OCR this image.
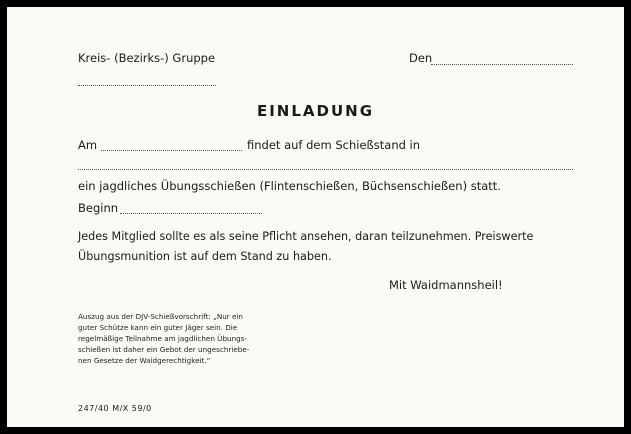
Kreis- (Bezirks-) Gruppe	Den
EINLADUNG
Am	findet auf dem Schießstand in
ein jagdliches Übungsschießen (Flintenschießen, Büchsenschießen) statt.
Beginn
Jedes Mitglied sollte es als seine Pflicht ansehen, daran teilzunehmen. Preiswerte
Übungsmunition ist auf dem Stand zu haben.
Mit Waidmannsheil!
Auszug aus der DJV-Schießvorschrift: „Nur ein
guter Schütze kann ein guter Jäger sein. Die
regelmäßige Teilnahme am jagdlichen Übungs-
schießen ist daher ein Gebot der ungeschriebe-
nen Gesetze der Waidgerechtigkeit.“
247/40 M/X 59/0
